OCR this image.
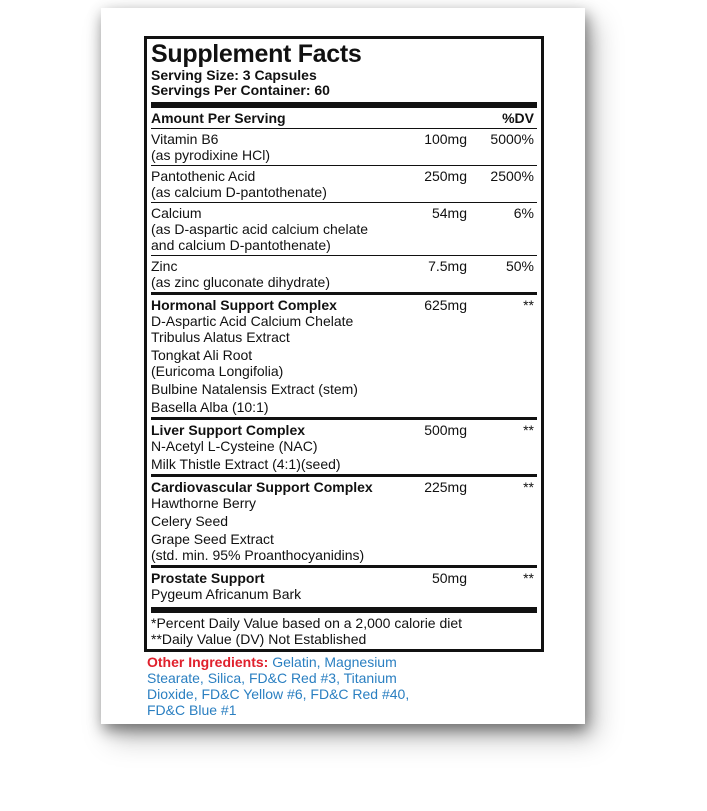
Supplement Facts
Serving Size: 3 Capsules
Servings Per Container: 60
Amount Per Serving	%DV
Vitamin B6
(as pyrodixine HCl)
100mg 5000%
Pantothenic Acid
(as calcium D-pantothenate)
250mg 2500%
Calcium
(as D-aspartic acid calcium chelate
and calcium D-pantothenate)
54mg	6%
Zinc
(as zinc gluconate dihydrate)
7.5mg	50%
Hormonal Support Complex
D-Aspartic Acid Calcium Chelate
Tribulus Alatus Extract
Tongkat Ali Root
(Euricoma Longifolia)
Bulbine Natalensis Extract (stem)
Basella Alba (10:1)
625mg	**
Liver Support Complex
N-Acetyl L-Cysteine (NAC)
Milk Thistle Extract (4:1)(seed)
500mg	**
Cardiovascular Support Complex
Hawthorne Berry
Celery Seed
Grape Seed Extract
(std. min. 95% Proanthocyanidins)
225mg	**
Prostate Support
Pygeum Africanum Bark
50mg	**
*Percent Daily Value based on a 2,000 calorie diet
**Daily Value (DV) Not Established
Other Ingredients: Gelatin, Magnesium Stearate, Silica, FD&C Red #3, Titanium Dioxide, FD&C Yellow #6, FD&C Red #40, FD&C Blue #1
